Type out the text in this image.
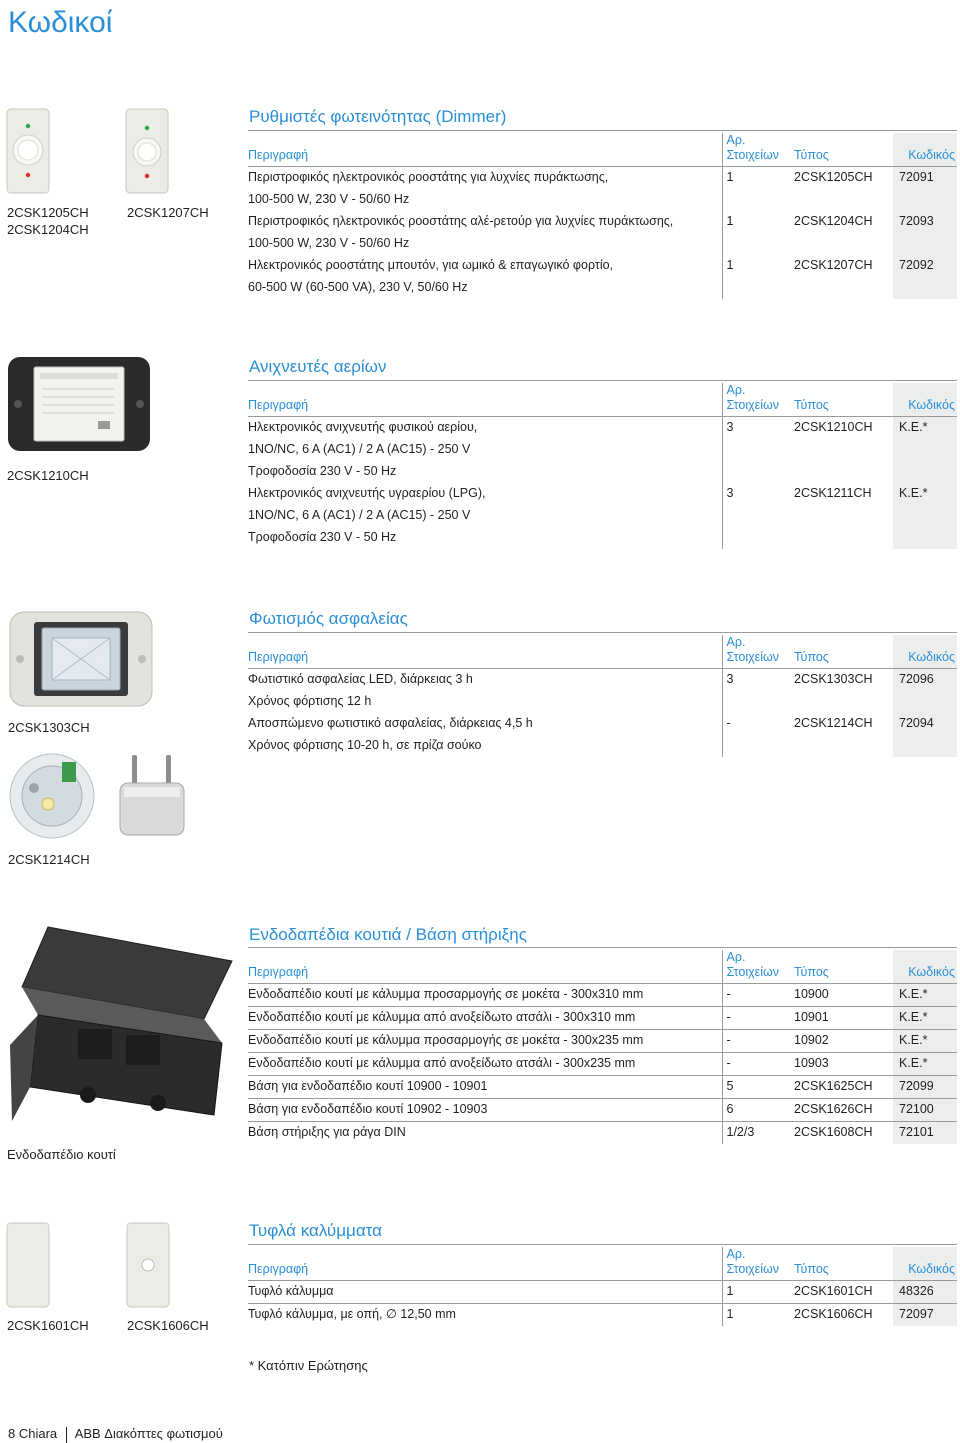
Κωδικοί
2CSK1205CH
2CSK1204CH
2CSK1207CH
Ρυθμιστές φωτεινότητας (Dimmer)
Περιγραφή	Αρ.
Στοιχείων	Τύπος	Κωδικός
Περιστροφικός ηλεκτρονικός ροοστάτης για λυχνίες πυράκτωσης,	1	2CSK1205CH	72091
100-500 W, 230 V - 50/60 Hz			
Περιστροφικός ηλεκτρονικός ροοστάτης αλέ-ρετούρ για λυχνίες πυράκτωσης,	1	2CSK1204CH	72093
100-500 W, 230 V - 50/60 Hz			
Ηλεκτρονικός ροοστάτης μπουτόν, για ωμικό & επαγωγικό φορτίο,	1	2CSK1207CH	72092
60-500 W (60-500 VA), 230 V, 50/60 Hz			
2CSK1210CH
Ανιχνευτές αερίων
Περιγραφή	Αρ.
Στοιχείων	Τύπος	Κωδικός
Ηλεκτρονικός ανιχνευτής φυσικού αερίου,	3	2CSK1210CH	Κ.Ε.*
1NO/NC, 6 A (AC1) / 2 A (AC15) - 250 V			
Τροφοδοσία 230 V - 50 Hz			
Ηλεκτρονικός ανιχνευτής υγραερίου (LPG),	3	2CSK1211CH	Κ.Ε.*
1NO/NC, 6 A (AC1) / 2 A (AC15) - 250 V			
Τροφοδοσία 230 V - 50 Hz			
2CSK1303CH
2CSK1214CH
Φωτισμός ασφαλείας
Περιγραφή	Αρ.
Στοιχείων	Τύπος	Κωδικός
Φωτιστικό ασφαλείας LED, διάρκειας 3 h	3	2CSK1303CH	72096
Χρόνος φόρτισης 12 h			
Αποσπώμενο φωτιστικό ασφαλείας, διάρκειας 4,5 h	-	2CSK1214CH	72094
Χρόνος φόρτισης 10-20 h, σε πρίζα σούκο			
Ενδοδαπέδιο κουτί
Ενδοδαπέδια κουτιά / Βάση στήριξης
Περιγραφή	Αρ.
Στοιχείων	Τύπος	Κωδικός
Ενδοδαπέδιο κουτί με κάλυμμα προσαρμογής σε μοκέτα - 300x310 mm	-	10900	Κ.Ε.*
Ενδοδαπέδιο κουτί με κάλυμμα από ανοξείδωτο ατσάλι - 300x310 mm	-	10901	Κ.Ε.*
Ενδοδαπέδιο κουτί με κάλυμμα προσαρμογής σε μοκέτα - 300x235 mm	-	10902	Κ.Ε.*
Ενδοδαπέδιο κουτί με κάλυμμα από ανοξείδωτο ατσάλι - 300x235 mm	-	10903	Κ.Ε.*
Βάση για ενδοδαπέδιο κουτί 10900 - 10901	5	2CSK1625CH	72099
Βάση για ενδοδαπέδιο κουτί 10902 - 10903	6	2CSK1626CH	72100
Βάση στήριξης για ράγα DIN	1/2/3	2CSK1608CH	72101
2CSK1601CH	2CSK1606CH
Τυφλά καλύμματα
Περιγραφή	Αρ.
Στοιχείων	Τύπος	Κωδικός
Τυφλό κάλυμμα	1	2CSK1601CH	48326
Τυφλό κάλυμμα, με οπή, ∅ 12,50 mm	1	2CSK1606CH	72097
* Κατόπιν Ερώτησης
8 Chiara ABB Διακόπτες φωτισμού
